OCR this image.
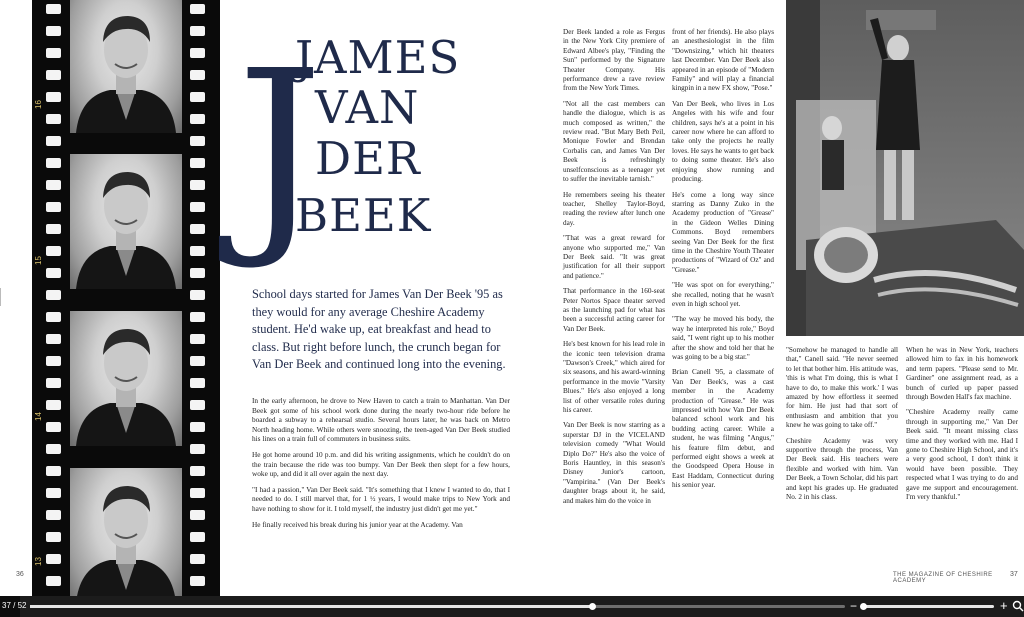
36
16
15
14
13
J
JAMES
VAN
DER
BEEK

School days started for James Van Der Beek '95 as they would for any average Cheshire Academy student. He'd wake up, eat breakfast and head to class. But right before lunch, the crunch began for Van Der Beek and continued long into the evening.

In the early afternoon, he drove to New Haven to catch a train to Manhattan. Van Der Beek got some of his school work done during the nearly two-hour ride before he boarded a subway to a rehearsal studio. Several hours later, he was back on Metro North heading home. While others were snoozing, the teen-aged Van Der Beek studied his lines on a train full of commuters in business suits.

He got home around 10 p.m. and did his writing assignments, which he couldn't do on the train because the ride was too bumpy. Van Der Beek then slept for a few hours, woke up, and did it all over again the next day.

"I had a passion," Van Der Beek said. "It's something that I knew I wanted to do, that I needed to do. I still marvel that, for 1 ½ years, I would make trips to New York and have nothing to show for it. I told myself, the industry just didn't get me yet."

He finally received his break during his junior year at the Academy. Van

Der Beek landed a role as Fergus in the New York City premiere of Edward Albee's play, "Finding the Sun" performed by the Signature Theater Company. His performance drew a rave review from the New York Times.

"Not all the cast members can handle the dialogue, which is as much composed as written," the review read. "But Mary Beth Peil, Monique Fowler and Brendan Corbalis can, and James Van Der Beek is refreshingly unselfconscious as a teenager yet to suffer the inevitable tarnish."

He remembers seeing his theater teacher, Shelley Taylor-Boyd, reading the review after lunch one day.

"That was a great reward for anyone who supported me," Van Der Beek said. "It was great justification for all their support and patience."

That performance in the 160-seat Peter Nortos Space theater served as the launching pad for what has been a successful acting career for Van Der Beek.

He's best known for his lead role in the iconic teen television drama "Dawson's Creek," which aired for six seasons, and his award-winning performance in the movie "Varsity Blues." He's also enjoyed a long list of other versatile roles during his career.

Van Der Beek is now starring as a superstar DJ in the VICELAND television comedy "What Would Diplo Do?" He's also the voice of Boris Hauntley, in this season's Disney Junior's cartoon, "Vampirina." (Van Der Beek's daughter brags about it, he said, and makes him do the voice in

front of her friends). He also plays an anesthesiologist in the film "Downsizing," which hit theaters last December. Van Der Beek also appeared in an episode of "Modern Family" and will play a financial kingpin in a new FX show, "Pose."

Van Der Beek, who lives in Los Angeles with his wife and four children, says he's at a point in his career now where he can afford to take only the projects he really loves. He says he wants to get back to doing some theater. He's also enjoying show running and producing.

He's come a long way since starring as Danny Zuko in the Academy production of "Grease" in the Gideon Welles Dining Commons. Boyd remembers seeing Van Der Beek for the first time in the Cheshire Youth Theater productions of "Wizard of Oz" and "Grease."

"He was spot on for everything," she recalled, noting that he wasn't even in high school yet.

"The way he moved his body, the way he interpreted his role," Boyd said, "I went right up to his mother after the show and told her that he was going to be a big star."

Brian Canell '95, a classmate of Van Der Beek's, was a cast member in the Academy production of "Grease." He was impressed with how Van Der Beek balanced school work and his budding acting career. While a student, he was filming "Angus," his feature film debut, and performed eight shows a week at the Goodspeed Opera House in East Haddam, Connecticut during his senior year.

"Somehow he managed to handle all that," Canell said. "He never seemed to let that bother him. His attitude was, 'this is what I'm doing, this is what I have to do, to make this work.' I was amazed by how effortless it seemed for him. He just had that sort of enthusiasm and ambition that you knew he was going to take off."

Cheshire Academy was very supportive through the process, Van Der Beek said. His teachers were flexible and worked with him. Van Der Beek, a Town Scholar, did his part and kept his grades up. He graduated No. 2 in his class.

When he was in New York, teachers allowed him to fax in his homework and term papers. "Please send to Mr. Gardiner" one assignment read, as a bunch of curled up paper passed through Bowden Hall's fax machine.

"Cheshire Academy really came through in supporting me," Van Der Beek said. "It meant missing class time and they worked with me. Had I gone to Cheshire High School, and it's a very good school, I don't think it would have been possible. They respected what I was trying to do and gave me support and encouragement. I'm very thankful."

THE MAGAZINE OF CHESHIRE ACADEMY
37
37 / 52	−	+
